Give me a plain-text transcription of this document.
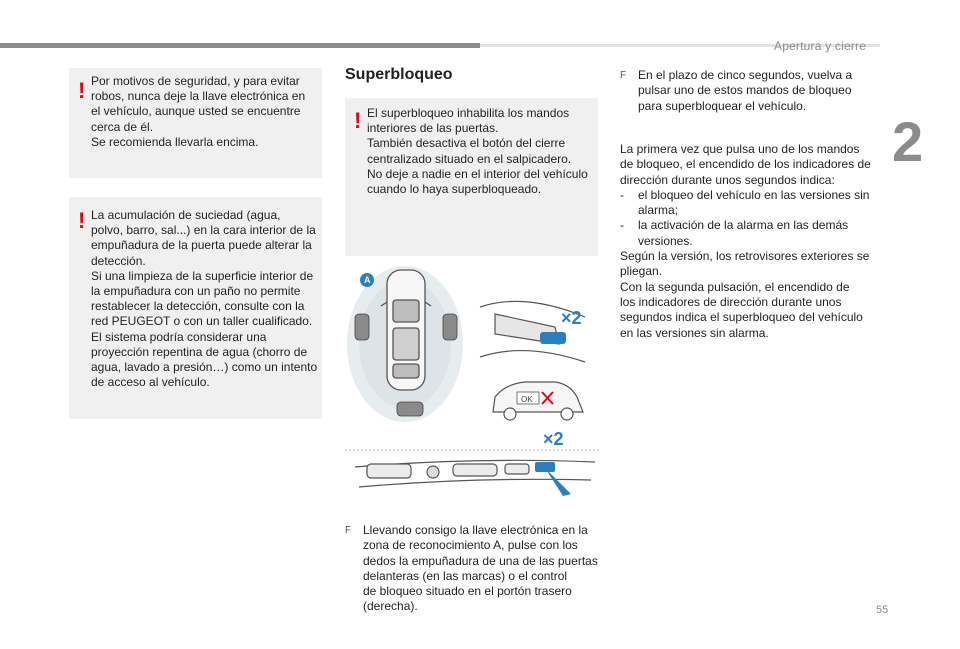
Apertura y cierre
2
55
! Por motivos de seguridad, y para evitar

robos, nunca deje la llave electrónica en

el vehículo, aunque usted se encuentre

cerca de él.

Se recomienda llevarla encima.

! La acumulación de suciedad (agua,

polvo, barro, sal...) en la cara interior de la

empuñadura de la puerta puede alterar la

detección.

Si una limpieza de la superficie interior de

la empuñadura con un paño no permite

restablecer la detección, consulte con la

red PEUGEOT o con un taller cualificado.

El sistema podría considerar una

proyección repentina de agua (chorro de

agua, lavado a presión…) como un intento

de acceso al vehículo.

Superbloqueo
! El superbloqueo inhabilita los mandos

interiores de las puertas.

También desactiva el botón del cierre

centralizado situado en el salpicadero.

No deje a nadie en el interior del vehículo

cuando lo haya superbloqueado.

A
×2
OK
×2
F Llevando consigo la llave electrónica en la
zona de reconocimiento A, pulse con los
dedos la empuñadura de una de las puertas
delanteras (en las marcas) o el control
de bloqueo situado en el portón trasero
(derecha).
F En el plazo de cinco segundos, vuelva a
pulsar uno de estos mandos de bloqueo
para superbloquear el vehículo.

La primera vez que pulsa uno de los mandos

de bloqueo, el encendido de los indicadores de

dirección durante unos segundos indica:

- el bloqueo del vehículo en las versiones sin
alarma;
- la activación de la alarma en las demás
versiones.

Según la versión, los retrovisores exteriores se

pliegan.

Con la segunda pulsación, el encendido de

los indicadores de dirección durante unos

segundos indica el superbloqueo del vehículo

en las versiones sin alarma.
